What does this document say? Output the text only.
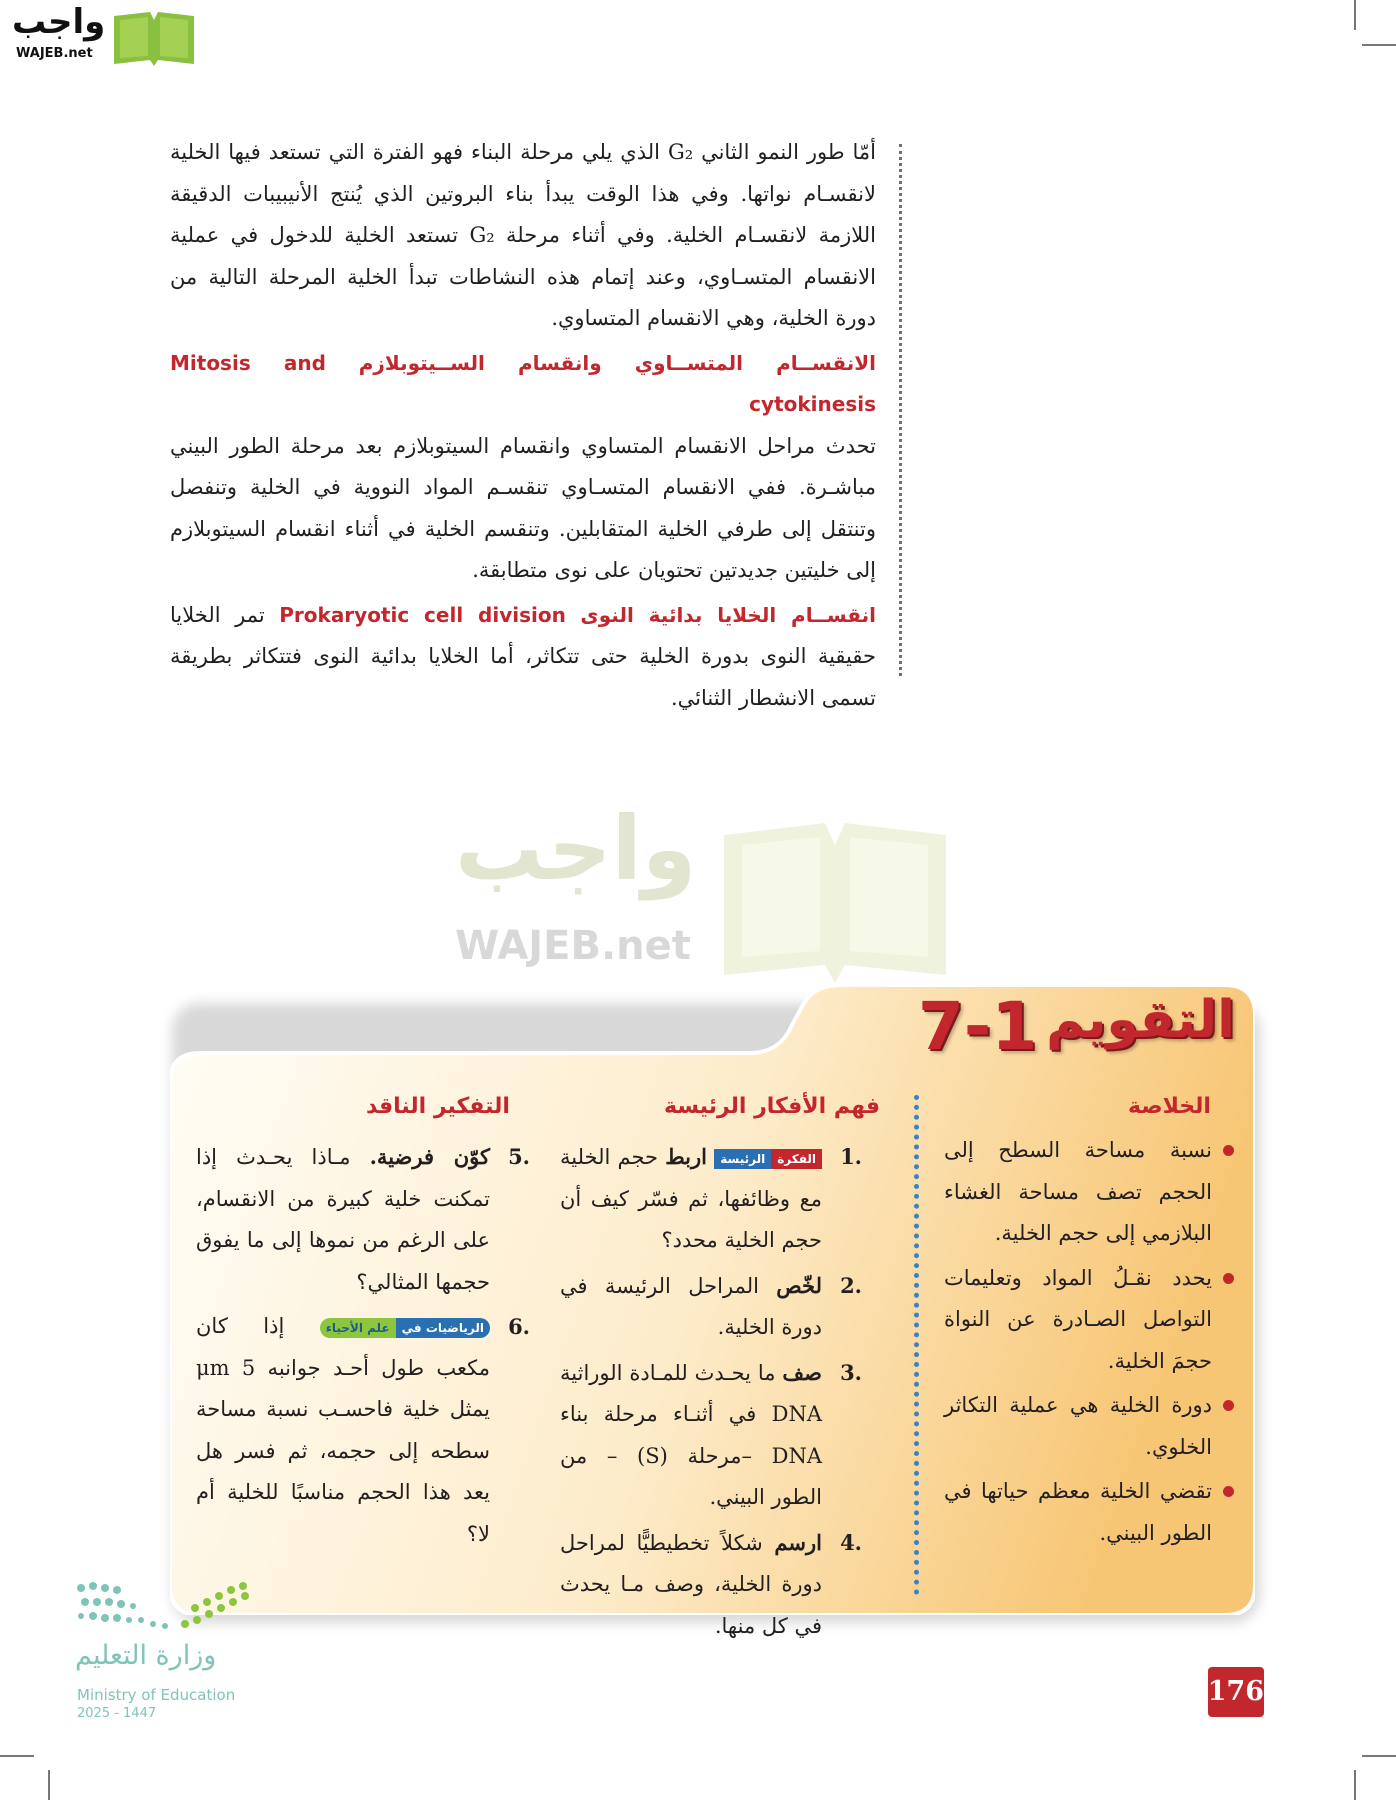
واجب
WAJEB.net

أمّا طور النمو الثاني G₂ الذي يلي مرحلة البناء فهو الفترة التي تستعد فيها الخلية لانقسـام نواتها. وفي هذا الوقت يبدأ بناء البروتين الذي يُنتج الأنيبيبات الدقيقة اللازمة لانقسـام الخلية. وفي أثناء مرحلة G₂ تستعد الخلية للدخول في عملية الانقسام المتسـاوي، وعند إتمام هذه النشاطات تبدأ الخلية المرحلة التالية من دورة الخلية، وهي الانقسام المتساوي.

الانقســام المتســاوي وانقسام الســيتوبلازم Mitosis and cytokinesis
تحدث مراحل الانقسام المتساوي وانقسام السيتوبلازم بعد مرحلة الطور البيني مباشـرة. ففي الانقسام المتسـاوي تنقسـم المواد النووية في الخلية وتنفصل وتنتقل إلى طرفي الخلية المتقابلين. وتنقسم الخلية في أثناء انقسام السيتوبلازم إلى خليتين جديدتين تحتويان على نوى متطابقة.

انقســام الخلايا بدائية النوى Prokaryotic cell division تمر الخلايا حقيقية النوى بدورة الخلية حتى تتكاثر، أما الخلايا بدائية النوى فتتكاثر بطريقة تسمى الانشطار الثنائي.

واجب
WAJEB.net
7-1 التقويم
الخلاصة
نسبة مساحة السطح إلى الحجم تصف مساحة الغشاء البلازمي إلى حجم الخلية.
يحدد نقـلُ المواد وتعليمات التواصل الصـادرة عن النواة حجمَ الخلية.
دورة الخلية هي عملية التكاثر الخلوي.
تقضي الخلية معظم حياتها في الطور البيني.
فهم الأفكار الرئيسة
1.
الفكرةالرئيسة اربط حجم الخلية مع وظائفها، ثم فسّر كيف أن حجم الخلية محدد؟
2.
لخّص المراحل الرئيسة في دورة الخلية.
3.
صف ما يحـدث للمـادة الوراثية DNA في أثنـاء مرحلة بناء DNA –مرحلة (S) – من الطور البيني.
4.
ارسم شكلاً تخطيطيًّا لمراحل دورة الخلية، وصف مـا يحدث في كل منها.
التفكير الناقد
5.
كوّن فرضية. مـاذا يحـدث إذا تمكنت خلية كبيرة من الانقسام، على الرغم من نموها إلى ما يفوق حجمها المثالي؟
6.
الرياضيات فيعلم الأحياء إذا كان مكعب طول أحـد جوانبه 5 μm يمثل خلية فاحسـب نسبة مساحة سطحه إلى حجمه، ثم فسر هل يعد هذا الحجم مناسبًا للخلية أم لا؟
وزارة التعليم
Ministry of Education
2025 - 1447
176
